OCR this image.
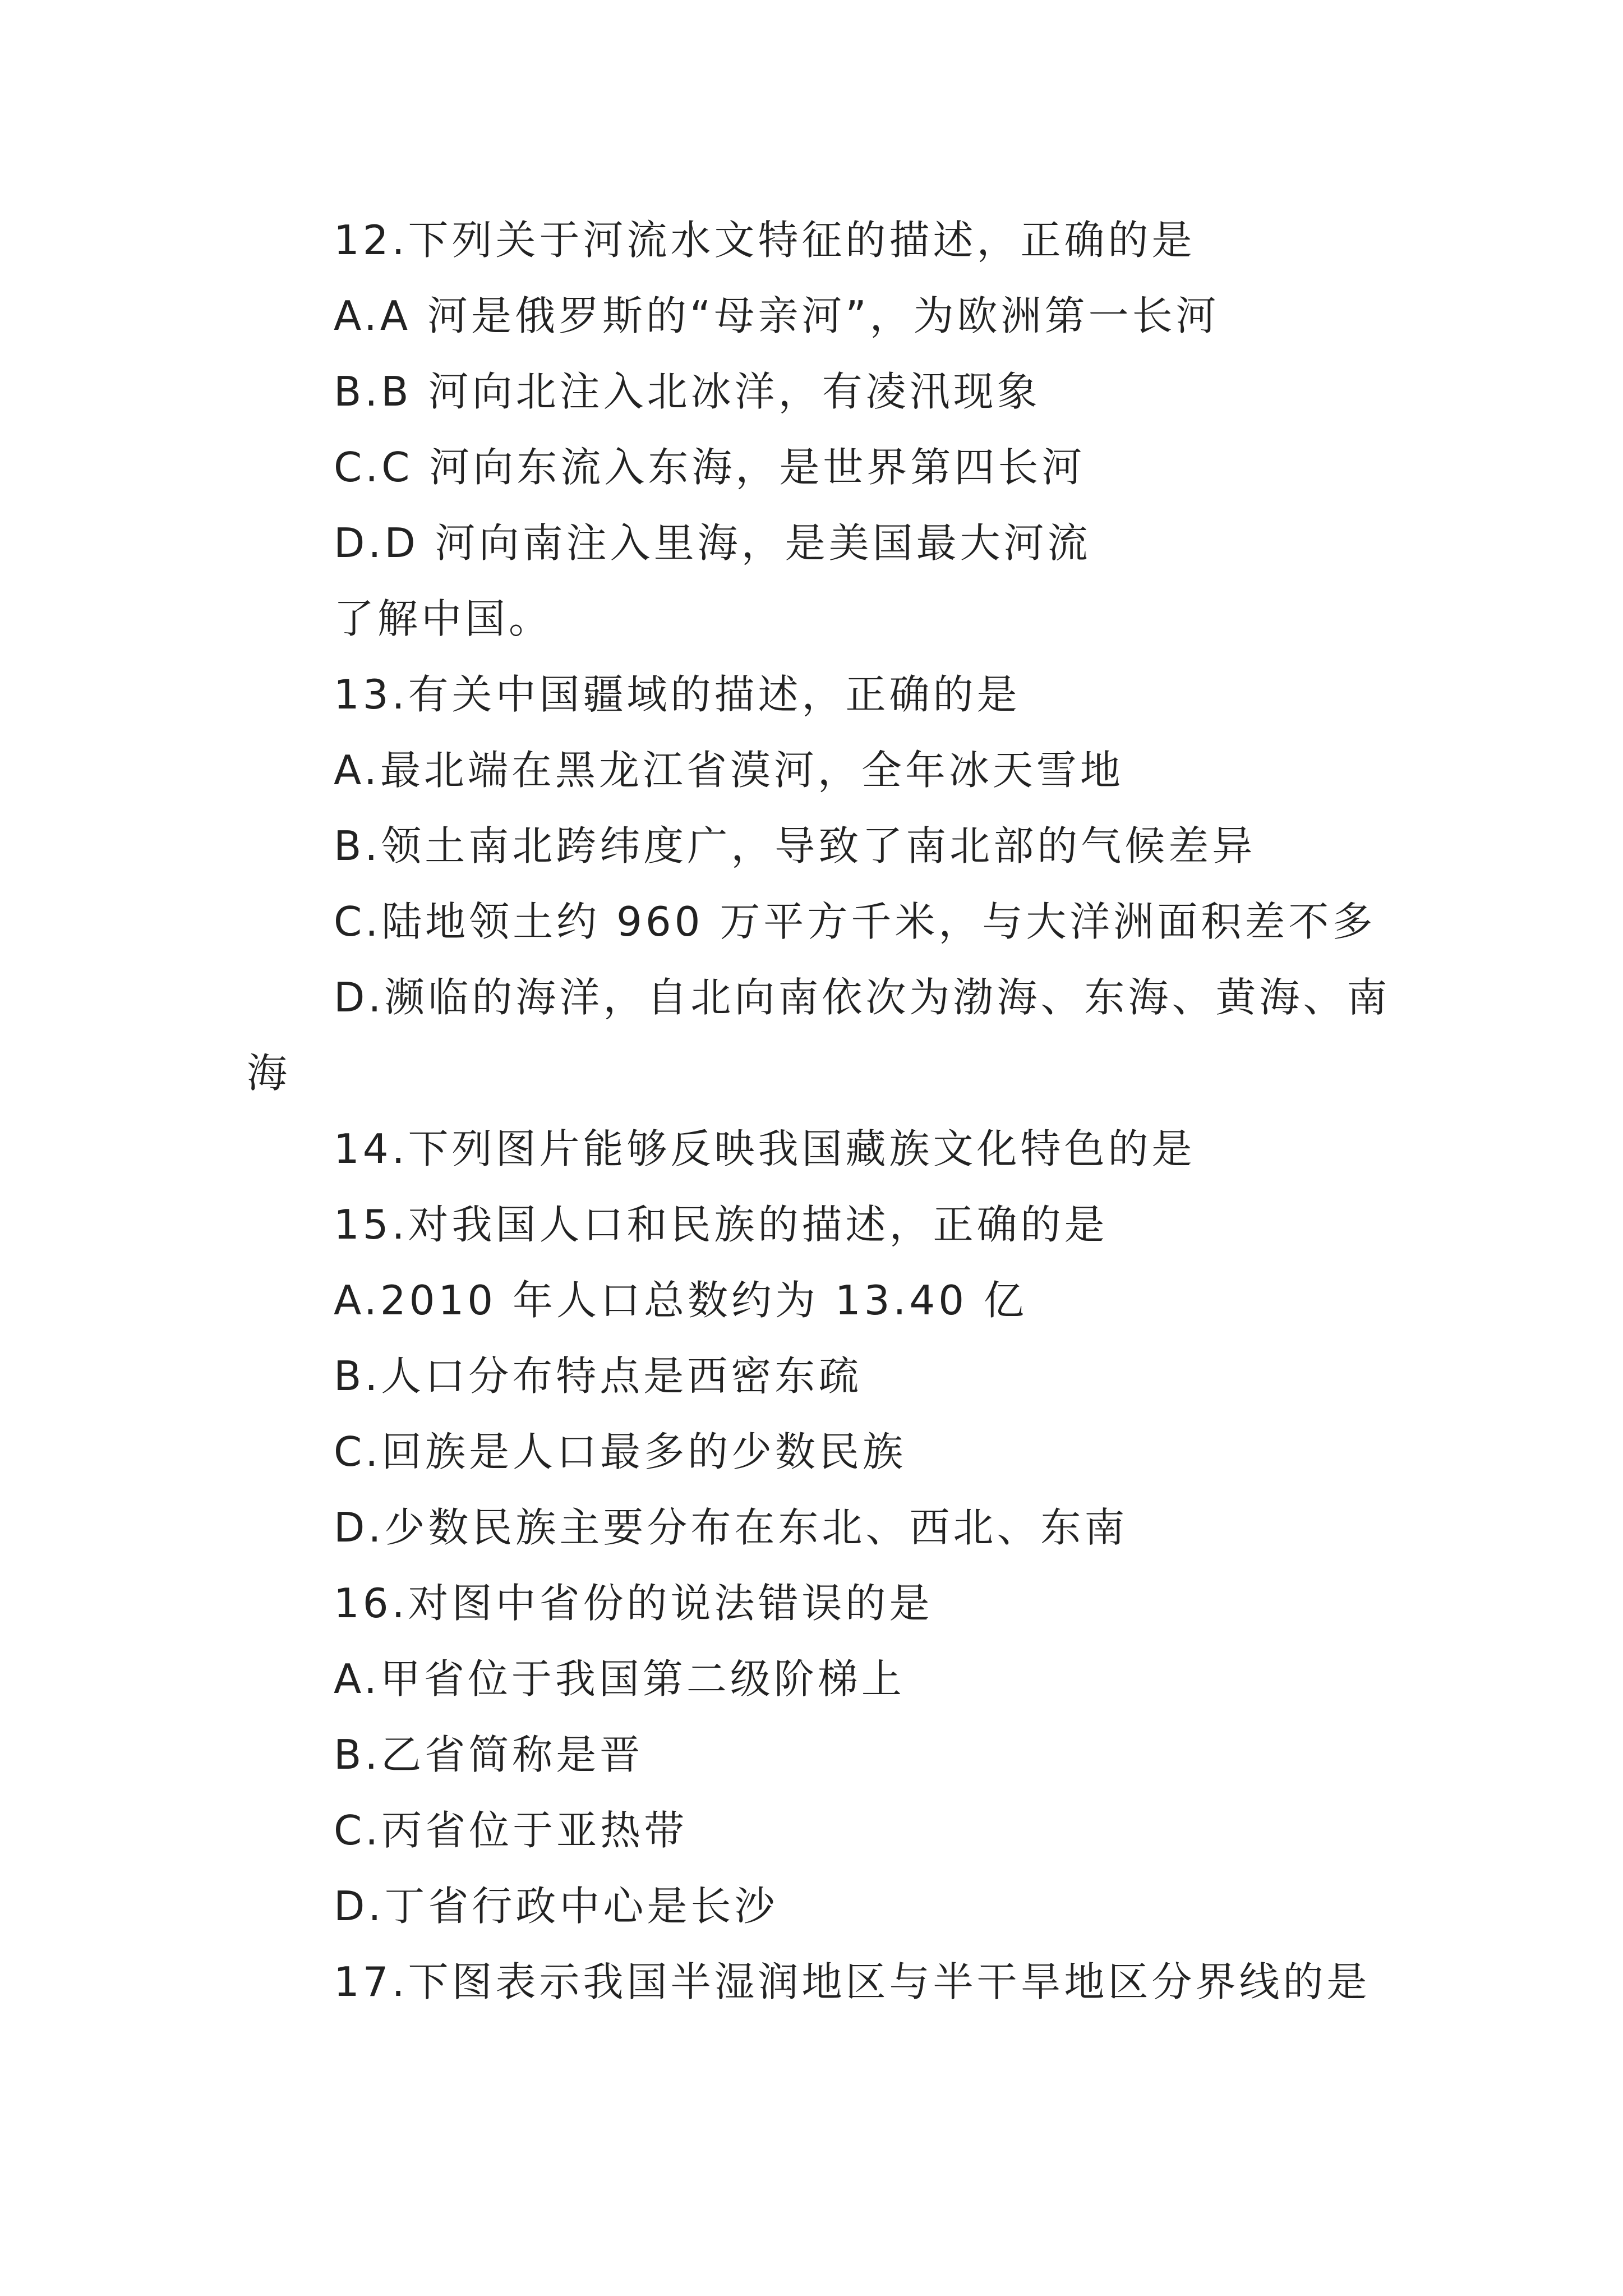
12.下列关于河流水文特征的描述，正确的是
A.A 河是俄罗斯的“母亲河”，为欧洲第一长河
B.B 河向北注入北冰洋，有凌汛现象
C.C 河向东流入东海，是世界第四长河
D.D 河向南注入里海，是美国最大河流
了解中国。
13.有关中国疆域的描述，正确的是
A.最北端在黑龙江省漠河，全年冰天雪地
B.领土南北跨纬度广，导致了南北部的气候差异
C.陆地领土约 960 万平方千米，与大洋洲面积差不多
D.濒临的海洋，自北向南依次为渤海、东海、黄海、南
海
14.下列图片能够反映我国藏族文化特色的是
15.对我国人口和民族的描述，正确的是
A.2010 年人口总数约为 13.40 亿
B.人口分布特点是西密东疏
C.回族是人口最多的少数民族
D.少数民族主要分布在东北、西北、东南
16.对图中省份的说法错误的是
A.甲省位于我国第二级阶梯上
B.乙省简称是晋
C.丙省位于亚热带
D.丁省行政中心是长沙
17.下图表示我国半湿润地区与半干旱地区分界线的是
